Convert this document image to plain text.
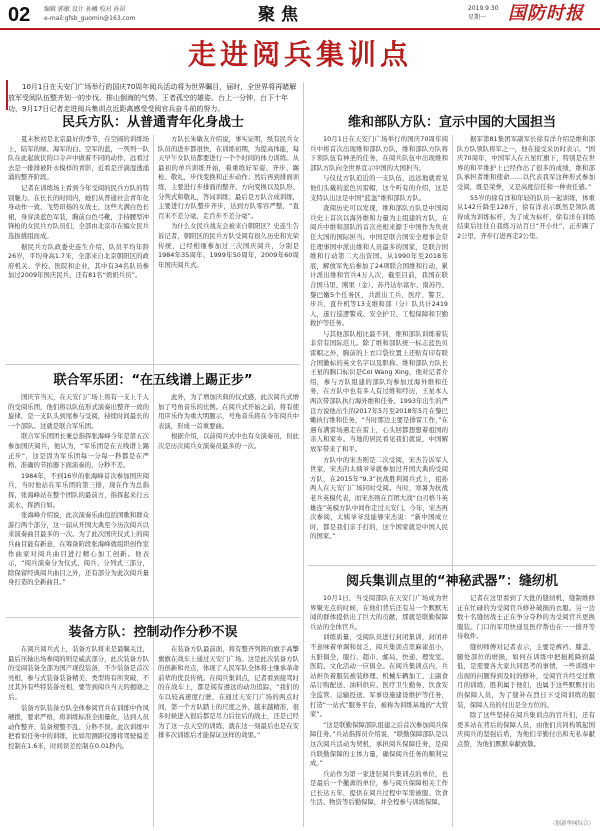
02 编辑 郭敏 设计 孙曦 校对 孙昂
e-mail:gfsb_guomin@163.com	聚焦	2019.9.30
星期一	国防时报
走进阅兵集训点
10月1日在天安门广场举行的国庆70周年阅兵活动将为世界瞩目，届时，全世界将再睹解放军受阅队伍整齐划一的步伐、排山倒海的气势、王者孤空的雄姿。台上一分钟，台下十年功，9月17日记者走进阅兵集训点近距离感受受阅官兵奋斗前的努力。
民兵方队：从普通青年化身战士

夏末秋初是北京最好的季节，在空阔的训练场上，陆军的绿、海军的白、空军的蓝，一列列一队队在此起彼伏的口令声中做着不同的动作，远看过去是一排排被阡水模样的青影，近看是汗滴湿透涌涌的整齐阶段。

记者在训练场上看到今年受阅的民兵方队的特别魅力。在长长的时间内，她们从普通社会青年化身动作一致、飞势昂扬的女战士，这些大满白色长裙，身穿淡蓝色军装，胸前白色弓靴，手持腰型冲锋枪的女民兵方队员们，全部由北京市在编女民兵选拔挑组而成。

据民兵方队政委史连生介绍，队员平均年龄26岁，平均身高1.7米，全部来自北京朝阳区的政府机关、学校、医院和企业，其中有34名队员参加过2009年国庆民兵，还有81名“奶奶兵员”。

方队长朱敏友介绍说，事实证明，纸有民兵女队员的进步都很快，在训练初期，为提高体能，每天早午女队员都要进行一个个时间的体力训练。从最初的单兵训练开始，着重练好军姿、齐步、踢枪、敬礼，步伐变换和正步动作；然后再到排面训练，主要进行步排面的整齐、方向变换以及队形、分列式和敬礼，答词训练；最后是方队合成训练，主要进行方队整步齐步，达到方队零容严整，“直百米不差分毫，走百步不差分毫”。

为什么女民兵战友会被来自朝阳区？史连生告诉记者，朝阳区的民兵方队受阅有很久历史和光荣传统，已经相继参加过三次国庆阅兵，分别是1984年35周年、1999年50周年，2009年60周年国庆阅兵式。

联合军乐团：“在五线谱上踢正步”

国庆节当天，在天安门广场上将有一支上千人的受阅乐团，他们将以队伍形式演奏出整齐一致的旋律，是一支队头到尾参与受阅，持续时间最长的一个部队。这就是联合军乐团。

联合军乐团团长兼总指挥张海峰今年是第五次参加国庆阅兵，他认为，“军乐团是在五线谱上踢正步”，这是因为军乐团每一分每一秒都是在严格、准确的节拍器下面演奏的，分秒不差。

1984年，不到16岁的张海峰首次参加国庆阅兵，当时他站在军乐团的第三排，现在作为总指挥，张海峰站在整个团队的最前方，指挥起来行云流水、挥洒自如。

张海峰介绍说，此次演奏乐曲包括国歌和群众游行两个部分，这一届从开国大典至今历次阅兵以来演奏曲目最多的一次。为了此次国庆仪式上的阅兵曲目能有新意，在筹备阶段张海峰就组织创作室作曲家对阅兵曲目进行精心加工创新。他表示，“阅兵演奏分为仪式、阅兵、分列式三部分，除保留经典阅兵曲目之外，还有部分为此次阅兵量身打造的全新曲目。”

此外，为了增加庆典的仪式感，此次阅兵式增加了号角音乐的比例。在阅兵式开始之前，将有使用序乐作为重大明题示，号角音乐将在今年阅兵中表演，形成一首重要曲。

根据介绍，以前阅兵式中也有女演奏员，但此次是历次阅兵女演奏员最多的一次。

装备方队：控制动作分秒不误

在阅兵阅兵式上，装备方队将来是最瞩关注，最后压轴出场参阅的则是威武部分，此次装备方队的受阅装备全部为国产现役装备，不少装备是首次亮相，参与式装备装备精美、类型将有所突破，不过其外有些特装备亮相，要等到阅兵当天的揭晓之后。

装备方队装备方队全体参阅官兵在训练中作风硬拨，要求严格，将训练标准全面量化，达到人员动作整齐、装备规整不乱、分秒不误。此次训练中把看似任务中的训练，比如用测距仪器将驾驶偏差控制在1.6米，时间误差控制在0.01秒内。

在装备方队最前面，将有整齐列阵的旗手高擎旗旗在战车上通过天安门广场。这是此次装备方队的创新和亮点，体现了人民军队全体将士继承革命前辈的优良传统。在阅兵集训点，记者看到接驾时的在战车上，都是阅有遵远的动功追踪，“我们的车以较高速度行驶，在通过天安门广场的两点时间，第一个方队踏上的尺度之外，越来越精准，很多时候进入很后都是尽力后往后的战士，还是已经为了这一点天空的训练，就在这一刻最后也是在安排多次训练后才能保证这样的效果。”

维和部队方队：宣示中国的大国担当

10月1日在天安门广场举行的国庆70周年阅兵中将首次出现维和部队方队，维和部队方队将下领队伍有神圣的任务，在阅兵队伍中出现维和部队方队向全世界宣示中国的大国担当。

与仪仗方队追近的一支队伍，远远地就看见他们头戴的蓝色贝雷帽，这个听有的介绍，这是支特认出这是中国“蓝盔”维和部队方队。

查阅历史可以发现，维和部队方队是中国阅兵史上首次以海外维和力量为主组建的方队，在阅兵中维和部队的首次亮相来源于中国作为负责任大国的国际担当。中国是联合国安全理事会常任理事国中派出维和人员最多的国家，是联合国维和行动第二大出资国。从1990年至2018年底，解放军先后参加了24项联合国维和行动，累计派出维和官兵4万人次，截至目前，我国在联合国马里、刚果（金）、苏丹达尔富尔、南苏丹、黎巴嫩5个任务区，共派出工兵、医疗、警卫、步兵、直升机等13支维和部（分）队共计2419人，遂行巡逻警戒、安全护卫、工程保障和卫勤救护等任务。

与其他部队相比最不同，维和部队训练着装非常有国际范儿。除了维和部队统一标志蓝色贝雷帽之外，胸前的上衣口袋位置上还贴有印有联合国徽标的英文名字以及职称。维和部队方队长王星的胸口标识是Col Wang Xing，他对记者介绍，参与方队组建的部队均参加过海外维和任务，在方队中也有多人有过维和经历，王星本人两次带部队执行海外维和任务。1993年出生的严良方说他出生的2017年5月至2018年5月在黎巴嫩执行维和任务，“当时那边主要是排雷工作，”在遇布满雷场遇走在雷上，心头回都想想着祖国的亲人和家乡。当地的居民看见我们就说，中国解放军带来了和平。

方队中的宋杰则是二次受阅，宋杰告诉军人世家，宋杰的太姨爷爷就参加过开国大典的受阅方队，在2015年“9.3”抗战胜利阅兵式上，祖孙两人在天安门广场同时受阅。当时，寒暑为抗战老兵英模代表，而宋杰则在百团大战“白刃格斗英雄连”英模方队中间作走过天安门。今年，宋杰再次参阅，太姨爷爷没能够宋杰说：“新中国成立时，都是我们亲手打的，这个国家就是中国人民的国家。”

据军第81集团军副军长徐有洋介绍是维和部队方队领队将军之一，他在接受采访时表示，“国庆70周年，中国军人在五星红旗下，特别是在世界的和平维护上已经作出了很多的成绩，维和部队承担者维和使命……以代表我军这种形式参加受阅，既是荣誉，又是高度信任和一种责任感。”

55岁的徐有洋和年轻的队员一起训练，体重从142斤降至128斤，徐有洋表示既然是领队就得成为训练标杆，为了成为标杆，徐有洋在训练结束后往往自我练习站百日“开小灶”，正步踢了2公里，齐步行进再走2公里。

阅兵集训点里的“神秘武器”：缝纫机

10月1日，当受阅部队在天安门广场成为世界聚光点的时候，在他们背后还有另一个默默无闻的群体提供出了巨大的贡献，那就是联勤保障兵站的全体官兵。

训练质量，受阅队员进行封闭集训，封闭并不意味着单调和贫乏，阅兵集训点里麻雀虽小，五脏俱全，服行、超市、邮局、快递、理发室、医院、文化活动一应俱全。在阅兵集训点内，兵站担负着服装被装修理、机械车辆加工、主副食品订购配送、油料供应、医疗卫生勤务、饮食安全监管、运输投送、军事设施建设维护等任务，打造“一站式”服务平台，被称为训练基地的“大管家”。

“这是联勤保障部队组建之后首次参加阅兵保障任务。”兵站指挥员介绍说，“联勤保障部队是以这次阅兵活动为契机，承担阅兵保障任务，是阅兵联勤保障的主体力量，确保阅兵任务的顺利完成。”

兵站作为第一家进驻阅兵集训点的单位，也是最后一个撤离的单位，参与阅兵保障相关工作已长达五年，提供在阅兵过程中军需被服、饮食生活、物资等后勤保障，并全程参与训练保障。

记者在这里看到了大批的缝纫机，缝制维修正在忙碌的为受阅官兵修补破损的衣服。另一边数十名缝纫战士正在争分夺秒的为受阅官兵更换服装。门口的军用快递及医疗帮也在一一排开等待收件。

缝纫师傅对记者表示，主要是裤裆、膝盖、腿处部位的磨损，如何在训练中把损耗降到最低，是需要各大家共同思考的事情，一些训练中出现的问题得到及时的修补，受阅官兵经受过数月的训练，胜利属于他们，也属于这些默默付出的保障人员，为了缝补在烈日下受阅训练的服装，保障人员的付出是全方位的。

除了这些坚持在阅兵集训点的官兵们，还有更多站在背后的保障人员，由他们共同构筑起国庆阅兵的坚强后盾，为他们辛勤付出和无私奉献点赞，为他们默默奉献致敬。

（据新华网综合）
